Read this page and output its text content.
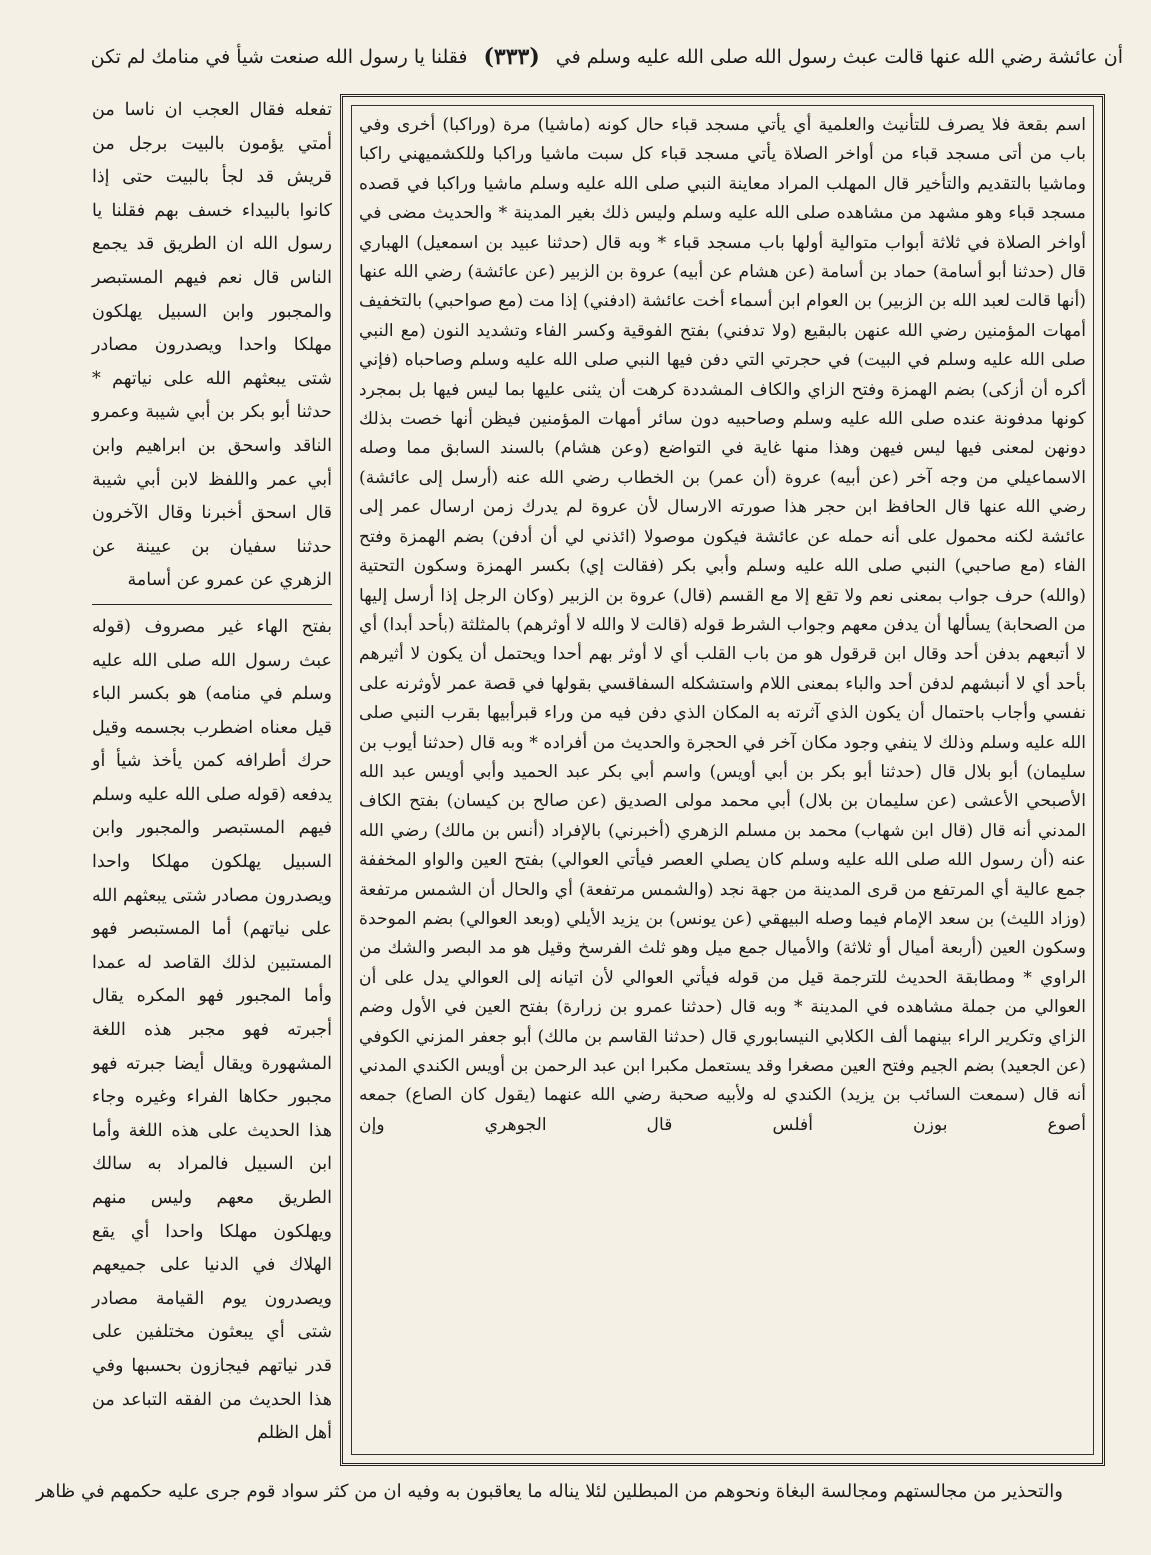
أن عائشة رضي الله عنها قالت عبث رسول الله صلى الله عليه وسلم في
(٣٣٣)
فقلنا يا رسول الله صنعت شيأ في منامك لم تكن

اسم بقعة فلا يصرف للتأنيث والعلمية أي يأتي مسجد قباء حال كونه (ماشيا) مرة (وراكبا) أخرى وفي باب من أتى مسجد قباء من أواخر الصلاة يأتي مسجد قباء كل سبت ماشيا وراكبا وللكشميهني راكبا وماشيا بالتقديم والتأخير قال المهلب المراد معاينة النبي صلى الله عليه وسلم ماشيا وراكبا في قصده مسجد قباء وهو مشهد من مشاهده صلى الله عليه وسلم وليس ذلك بغير المدينة * والحديث مضى في أواخر الصلاة في ثلاثة أبواب متوالية أولها باب مسجد قباء * وبه قال (حدثنا عبيد بن اسمعيل) الهباري قال (حدثنا أبو أسامة) حماد بن أسامة (عن هشام عن أبيه) عروة بن الزبير (عن عائشة) رضي الله عنها (أنها قالت لعبد الله بن الزبير) بن العوام ابن أسماء أخت عائشة (ادفني) إذا مت (مع صواحبي) بالتخفيف أمهات المؤمنين رضي الله عنهن بالبقيع (ولا تدفني) بفتح الفوقية وكسر الفاء وتشديد النون (مع النبي صلى الله عليه وسلم في البيت) في حجرتي التي دفن فيها النبي صلى الله عليه وسلم وصاحباه (فإني أكره أن أزكى) بضم الهمزة وفتح الزاي والكاف المشددة كرهت أن يثنى عليها بما ليس فيها بل بمجرد كونها مدفونة عنده صلى الله عليه وسلم وصاحبيه دون سائر أمهات المؤمنين فيظن أنها خصت بذلك دونهن لمعنى فيها ليس فيهن وهذا منها غاية في التواضع (وعن هشام) بالسند السابق مما وصله الاسماعيلي من وجه آخر (عن أبيه) عروة (أن عمر) بن الخطاب رضي الله عنه (أرسل إلى عائشة) رضي الله عنها قال الحافظ ابن حجر هذا صورته الارسال لأن عروة لم يدرك زمن ارسال عمر إلى عائشة لكنه محمول على أنه حمله عن عائشة فيكون موصولا (ائذني لي أن أدفن) بضم الهمزة وفتح الفاء (مع صاحبي) النبي صلى الله عليه وسلم وأبي بكر (فقالت إي) بكسر الهمزة وسكون التحتية (والله) حرف جواب بمعنى نعم ولا تقع إلا مع القسم (قال) عروة بن الزبير (وكان الرجل إذا أرسل إليها من الصحابة) يسألها أن يدفن معهم وجواب الشرط قوله (قالت لا والله لا أوثرهم) بالمثلثة (بأحد أبدا) أي لا أتبعهم بدفن أحد وقال ابن قرقول هو من باب القلب أي لا أوثر بهم أحدا ويحتمل أن يكون لا أثيرهم بأحد أي لا أنبشهم لدفن أحد والباء بمعنى اللام واستشكله السفاقسي بقولها في قصة عمر لأوثرنه على نفسي وأجاب باحتمال أن يكون الذي آثرته به المكان الذي دفن فيه من وراء قبرأبيها بقرب النبي صلى الله عليه وسلم وذلك لا ينفي وجود مكان آخر في الحجرة والحديث من أفراده * وبه قال (حدثنا أيوب بن سليمان) أبو بلال قال (حدثنا أبو بكر بن أبي أويس) واسم أبي بكر عبد الحميد وأبي أويس عبد الله الأصبحي الأعشى (عن سليمان بن بلال) أبي محمد مولى الصديق (عن صالح بن كيسان) بفتح الكاف المدني أنه قال (قال ابن شهاب) محمد بن مسلم الزهري (أخبرني) بالإفراد (أنس بن مالك) رضي الله عنه (أن رسول الله صلى الله عليه وسلم كان يصلي العصر فيأتي العوالي) بفتح العين والواو المخففة جمع عالية أي المرتفع من قرى المدينة من جهة نجد (والشمس مرتفعة) أي والحال أن الشمس مرتفعة (وزاد الليث) بن سعد الإمام فيما وصله البيهقي (عن يونس) بن يزيد الأيلي (وبعد العوالي) بضم الموحدة وسكون العين (أربعة أميال أو ثلاثة) والأميال جمع ميل وهو ثلث الفرسخ وقيل هو مد البصر والشك من الراوي * ومطابقة الحديث للترجمة قيل من قوله فيأتي العوالي لأن اتيانه إلى العوالي يدل على أن العوالي من جملة مشاهده في المدينة * وبه قال (حدثنا عمرو بن زرارة) بفتح العين في الأول وضم الزاي وتكرير الراء بينهما ألف الكلابي النيسابوري قال (حدثنا القاسم بن مالك) أبو جعفر المزني الكوفي (عن الجعيد) بضم الجيم وفتح العين مصغرا وقد يستعمل مكبرا ابن عبد الرحمن بن أويس الكندي المدني أنه قال (سمعت السائب بن يزيد) الكندي له ولأبيه صحبة رضي الله عنهما (يقول كان الصاع) جمعه أصوع بوزن أفلس قال الجوهري وإن

تفعله فقال العجب ان ناسا من أمتي يؤمون بالبيت برجل من قريش قد لجأ بالبيت حتى إذا كانوا بالبيداء خسف بهم فقلنا يا رسول الله ان الطريق قد يجمع الناس قال نعم فيهم المستبصر والمجبور وابن السبيل يهلكون مهلكا واحدا ويصدرون مصادر شتى يبعثهم الله على نياتهم * حدثنا أبو بكر بن أبي شيبة وعمرو الناقد واسحق بن ابراهيم وابن أبي عمر واللفظ لابن أبي شيبة قال اسحق أخبرنا وقال الآخرون حدثنا سفيان بن عيينة عن الزهري عن عمرو عن أسامة

بفتح الهاء غير مصروف (قوله عبث رسول الله صلى الله عليه وسلم في منامه) هو بكسر الباء قيل معناه اضطرب بجسمه وقيل حرك أطرافه كمن يأخذ شيأ أو يدفعه (قوله صلى الله عليه وسلم فيهم المستبصر والمجبور وابن السبيل يهلكون مهلكا واحدا ويصدرون مصادر شتى يبعثهم الله على نياتهم) أما المستبصر فهو المستبين لذلك القاصد له عمدا وأما المجبور فهو المكره يقال أجبرته فهو مجبر هذه اللغة المشهورة ويقال أيضا جبرته فهو مجبور حكاها الفراء وغيره وجاء هذا الحديث على هذه اللغة وأما ابن السبيل فالمراد به سالك الطريق معهم وليس منهم ويهلكون مهلكا واحدا أي يقع الهلاك في الدنيا على جميعهم ويصدرون يوم القيامة مصادر شتى أي يبعثون مختلفين على قدر نياتهم فيجازون بحسبها وفي هذا الحديث من الفقه التباعد من أهل الظلم

والتحذير من مجالستهم ومجالسة البغاة ونحوهم من المبطلين لئلا يناله ما يعاقبون به وفيه ان من كثر سواد قوم جرى عليه حكمهم في ظاهر
